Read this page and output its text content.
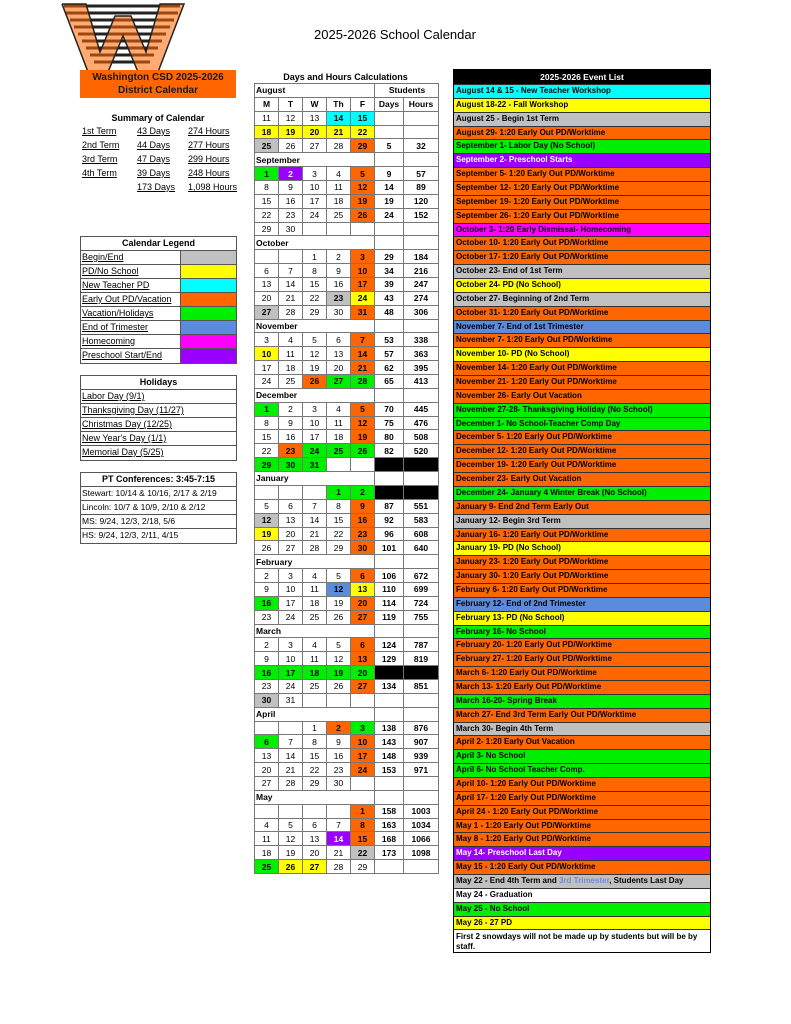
2025-2026 School Calendar
Washington CSD 2025-2026
District Calendar
Summary of Calendar
Calendar Legend
Begin/End
PD/No School
New Teacher PD
Early Out PD/Vacation
Vacation/Holidays
End of Trimester
Homecoming
Preschool Start/End
Holidays
Labor Day (9/1)
Thanksgiving Day (11/27)
Christmas Day (12/25)
New Year's Day (1/1)
Memorial Day (5/25)
PT Conferences: 3:45-7:15
Stewart: 10/14 & 10/16, 2/17 & 2/19
Lincoln: 10/7 & 10/9, 2/10 & 2/12
MS: 9/24, 12/3, 2/18, 5/6
HS: 9/24, 12/3, 2/11, 4/15
Days and Hours Calculations
August					Students	
M	T	W	Th	F	Days	Hours
11	12	13	14	15		
18	19	20	21	22		
25	26	27	28	29	5	32
September						
1	2	3	4	5	9	57
8	9	10	11	12	14	89
15	16	17	18	19	19	120
22	23	24	25	26	24	152
29	30					
October						
		1	2	3	29	184
6	7	8	9	10	34	216
13	14	15	16	17	39	247
20	21	22	23	24	43	274
27	28	29	30	31	48	306
November						
3	4	5	6	7	53	338
10	11	12	13	14	57	363
17	18	19	20	21	62	395
24	25	26	27	28	65	413
December						
1	2	3	4	5	70	445
8	9	10	11	12	75	476
15	16	17	18	19	80	508
22	23	24	25	26	82	520
29	30	31				
January						
			1	2		
5	6	7	8	9	87	551
12	13	14	15	16	92	583
19	20	21	22	23	96	608
26	27	28	29	30	101	640
February						
2	3	4	5	6	106	672
9	10	11	12	13	110	699
16	17	18	19	20	114	724
23	24	25	26	27	119	755
March						
2	3	4	5	6	124	787
9	10	11	12	13	129	819
16	17	18	19	20		
23	24	25	26	27	134	851
30	31					
April						
		1	2	3	138	876
6	7	8	9	10	143	907
13	14	15	16	17	148	939
20	21	22	23	24	153	971
27	28	29	30			
May						
				1	158	1003
4	5	6	7	8	163	1034
11	12	13	14	15	168	1066
18	19	20	21	22	173	1098
25	26	27	28	29		
2025-2026 Event List
August 14 & 15 - New Teacher Workshop
August 18-22 - Fall Workshop
August 25 - Begin 1st Term
August 29- 1:20 Early Out PD/Worktime
September 1- Labor Day (No School)
September 2- Preschool Starts
September 5- 1:20 Early Out PD/Worktime
September 12- 1:20 Early Out PD/Worktime
September 19- 1:20 Early Out PD/Worktime
September 26- 1:20 Early Out PD/Worktime
October 3- 1:20 Early Dismissal- Homecoming
October 10- 1:20 Early Out PD/Worktime
October 17- 1:20 Early Out PD/Worktime
October 23- End of 1st Term
October 24- PD (No School)
October 27- Beginning of 2nd Term
October 31- 1:20 Early Out PD/Worktime
November 7- End of 1st Trimester
November 7- 1:20 Early Out PD/Worktime
November 10- PD (No School)
November 14- 1:20 Early Out PD/Worktime
November 21- 1:20 Early Out PD/Worktime
November 26- Early Out Vacation
November 27-28- Thanksgiving Holiday (No School)
December 1- No School-Teacher Comp Day
December 5- 1:20 Early Out PD/Worktime
December 12- 1:20 Early Out PD/Worktime
December 19- 1:20 Early Out PD/Worktime
December 23- Early Out Vacation
December 24- January 4 Winter Break (No School)
January 9- End 2nd Term Early Out
January 12- Begin 3rd Term
January 16- 1:20 Early Out PD/Worktime
January 19- PD (No School)
January 23- 1:20 Early Out PD/Worktime
January 30- 1:20 Early Out PD/Worktime
February 6- 1:20 Early Out PD/Worktime
February 12- End of 2nd Trimester
February 13- PD (No School)
February 16- No School
February 20- 1:20 Early Out PD/Worktime
February 27- 1:20 Early Out PD/Worktime
March 6- 1:20 Early Out PD/Worktime
March 13- 1:20 Early Out PD/Worktime
March 16-20- Spring Break
March 27- End 3rd Term Early Out PD/Worktime
March 30- Begin 4th Term
April 2- 1:20 Early Out Vacation
April 3- No School
April 6- No School Teacher Comp.
April 10- 1:20 Early Out PD/Worktime
April 17- 1:20 Early Out PD/Worktime
April 24 - 1:20 Early Out PD/Worktime
May 1 - 1:20 Early Out PD/Worktime
May 8 - 1:20 Early Out PD/Worktime
May 14- Preschool Last Day
May 15 - 1:20 Early Out PD/Worktime
May 22 - End 4th Term and 3rd Trimester, Students Last Day
May 24 - Graduation
May 25 - No School
May 26 - 27 PD
First 2 snowdays will not be made up by students but will be by staff.
1st Term 43 Days 274 Hours
2nd Term 44 Days 277 Hours
3rd Term 47 Days 299 Hours
4th Term 39 Days 248 Hours
173 Days 1,098 Hours
